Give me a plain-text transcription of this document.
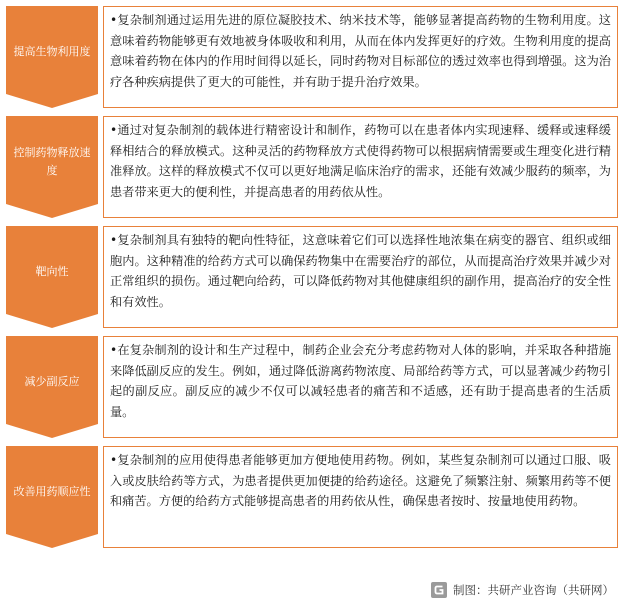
提高生物利用度
•复杂制剂通过运用先进的原位凝胶技术、纳米技术等，能够显著提高药物的生物利用度。这意味着药物能够更有效地被身体吸收和利用，从而在体内发挥更好的疗效。生物利用度的提高意味着药物在体内的作用时间得以延长，同时药物对目标部位的透过效率也得到增强。这为治疗各种疾病提供了更大的可能性，并有助于提升治疗效果。
控制药物释放速度
•通过对复杂制剂的载体进行精密设计和制作，药物可以在患者体内实现速释、缓释或速释缓释相结合的释放模式。这种灵活的药物释放方式使得药物可以根据病情需要或生理变化进行精准释放。这样的释放模式不仅可以更好地满足临床治疗的需求，还能有效减少服药的频率，为患者带来更大的便利性，并提高患者的用药依从性。
靶向性
•复杂制剂具有独特的靶向性特征，这意味着它们可以选择性地浓集在病变的器官、组织或细胞内。这种精准的给药方式可以确保药物集中在需要治疗的部位，从而提高治疗效果并减少对正常组织的损伤。通过靶向给药，可以降低药物对其他健康组织的副作用，提高治疗的安全性和有效性。
减少副反应
•在复杂制剂的设计和生产过程中，制药企业会充分考虑药物对人体的影响，并采取各种措施来降低副反应的发生。例如，通过降低游离药物浓度、局部给药等方式，可以显著减少药物引起的副反应。副反应的减少不仅可以减轻患者的痛苦和不适感，还有助于提高患者的生活质量。
改善用药顺应性
•复杂制剂的应用使得患者能够更加方便地使用药物。例如，某些复杂制剂可以通过口服、吸入或皮肤给药等方式，为患者提供更加便捷的给药途径。这避免了频繁注射、频繁用药等不便和痛苦。方便的给药方式能够提高患者的用药依从性，确保患者按时、按量地使用药物。
制图：共研产业咨询（共研网）
